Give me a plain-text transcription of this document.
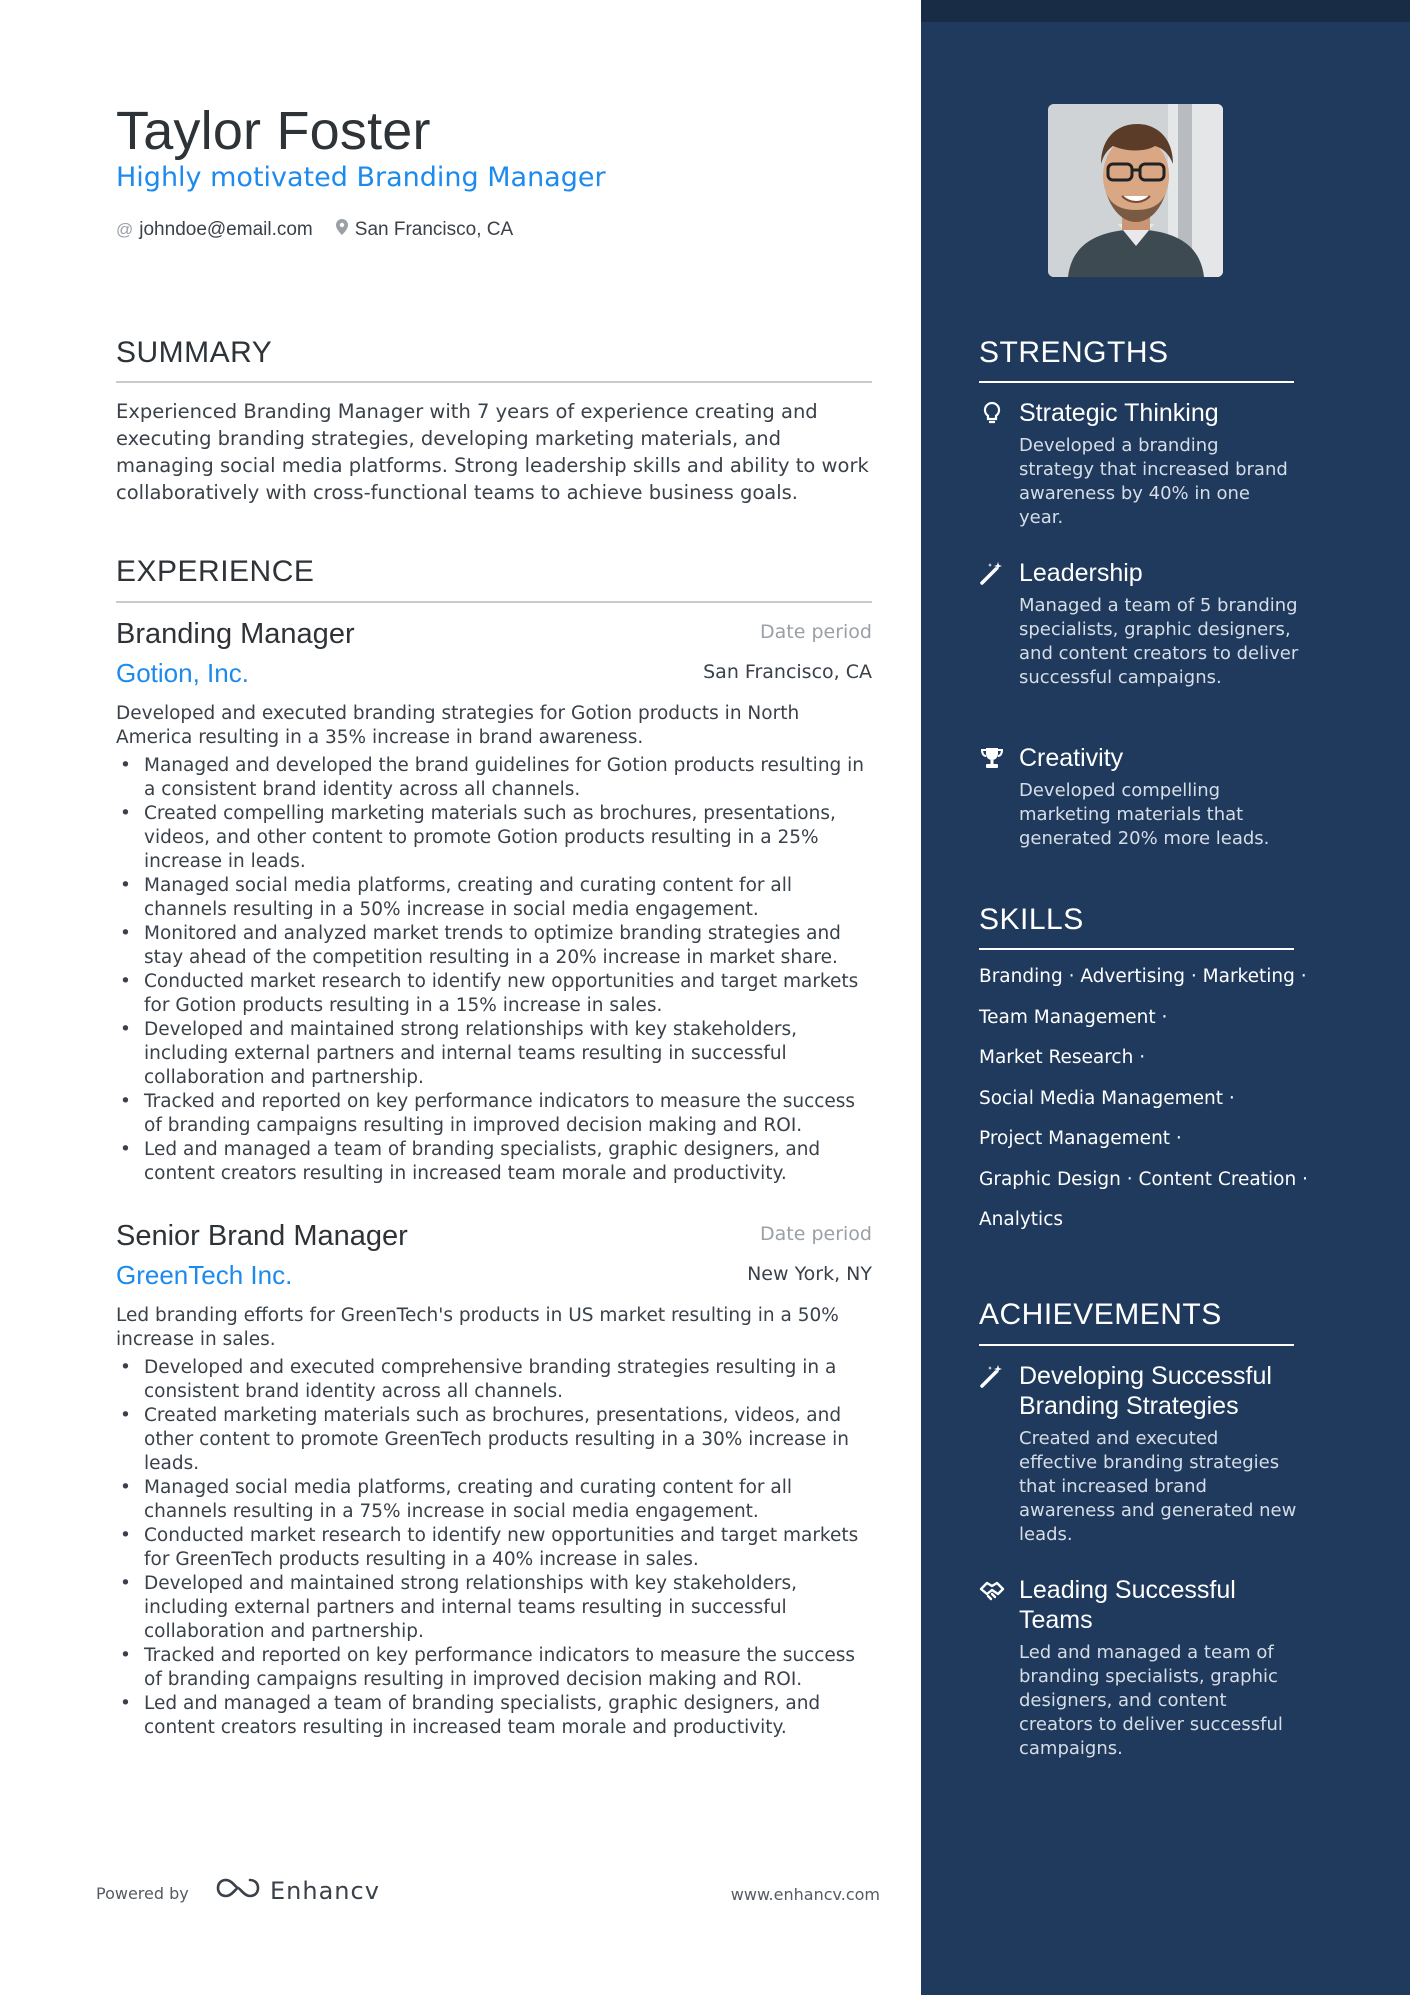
Taylor Foster
Highly motivated Branding Manager
@ johndoe@email.com San Francisco, CA
SUMMARY
Experienced Branding Manager with 7 years of experience creating and executing branding strategies, developing marketing materials, and managing social media platforms. Strong leadership skills and ability to work collaboratively with cross-functional teams to achieve business goals.
EXPERIENCE
Branding Manager	Date period
Gotion, Inc.	San Francisco, CA
Developed and executed branding strategies for Gotion products in North America resulting in a 35% increase in brand awareness.
• Managed and developed the brand guidelines for Gotion products resulting in a consistent brand identity across all channels.
• Created compelling marketing materials such as brochures, presentations, videos, and other content to promote Gotion products resulting in a 25% increase in leads.
• Managed social media platforms, creating and curating content for all channels resulting in a 50% increase in social media engagement.
• Monitored and analyzed market trends to optimize branding strategies and stay ahead of the competition resulting in a 20% increase in market share.
• Conducted market research to identify new opportunities and target markets for Gotion products resulting in a 15% increase in sales.
• Developed and maintained strong relationships with key stakeholders, including external partners and internal teams resulting in successful collaboration and partnership.
• Tracked and reported on key performance indicators to measure the success of branding campaigns resulting in improved decision making and ROI.
• Led and managed a team of branding specialists, graphic designers, and content creators resulting in increased team morale and productivity.
Senior Brand Manager	Date period
GreenTech Inc.	New York, NY
Led branding efforts for GreenTech's products in US market resulting in a 50% increase in sales.
• Developed and executed comprehensive branding strategies resulting in a consistent brand identity across all channels.
• Created marketing materials such as brochures, presentations, videos, and other content to promote GreenTech products resulting in a 30% increase in leads.
• Managed social media platforms, creating and curating content for all channels resulting in a 75% increase in social media engagement.
• Conducted market research to identify new opportunities and target markets for GreenTech products resulting in a 40% increase in sales.
• Developed and maintained strong relationships with key stakeholders, including external partners and internal teams resulting in successful collaboration and partnership.
• Tracked and reported on key performance indicators to measure the success of branding campaigns resulting in improved decision making and ROI.
• Led and managed a team of branding specialists, graphic designers, and content creators resulting in increased team morale and productivity.
Powered by	Enhancv	www.enhancv.com
STRENGTHS
Strategic Thinking
Developed a branding strategy that increased brand awareness by 40% in one year.
Leadership
Managed a team of 5 branding specialists, graphic designers, and content creators to deliver successful campaigns.
Creativity
Developed compelling marketing materials that generated 20% more leads.
SKILLS
Branding · Advertising · Marketing ·
Team Management ·
Market Research ·
Social Media Management ·
Project Management ·
Graphic Design · Content Creation ·
Analytics
ACHIEVEMENTS
Developing Successful Branding Strategies
Created and executed effective branding strategies that increased brand awareness and generated new leads.
Leading Successful Teams
Led and managed a team of branding specialists, graphic designers, and content creators to deliver successful campaigns.
